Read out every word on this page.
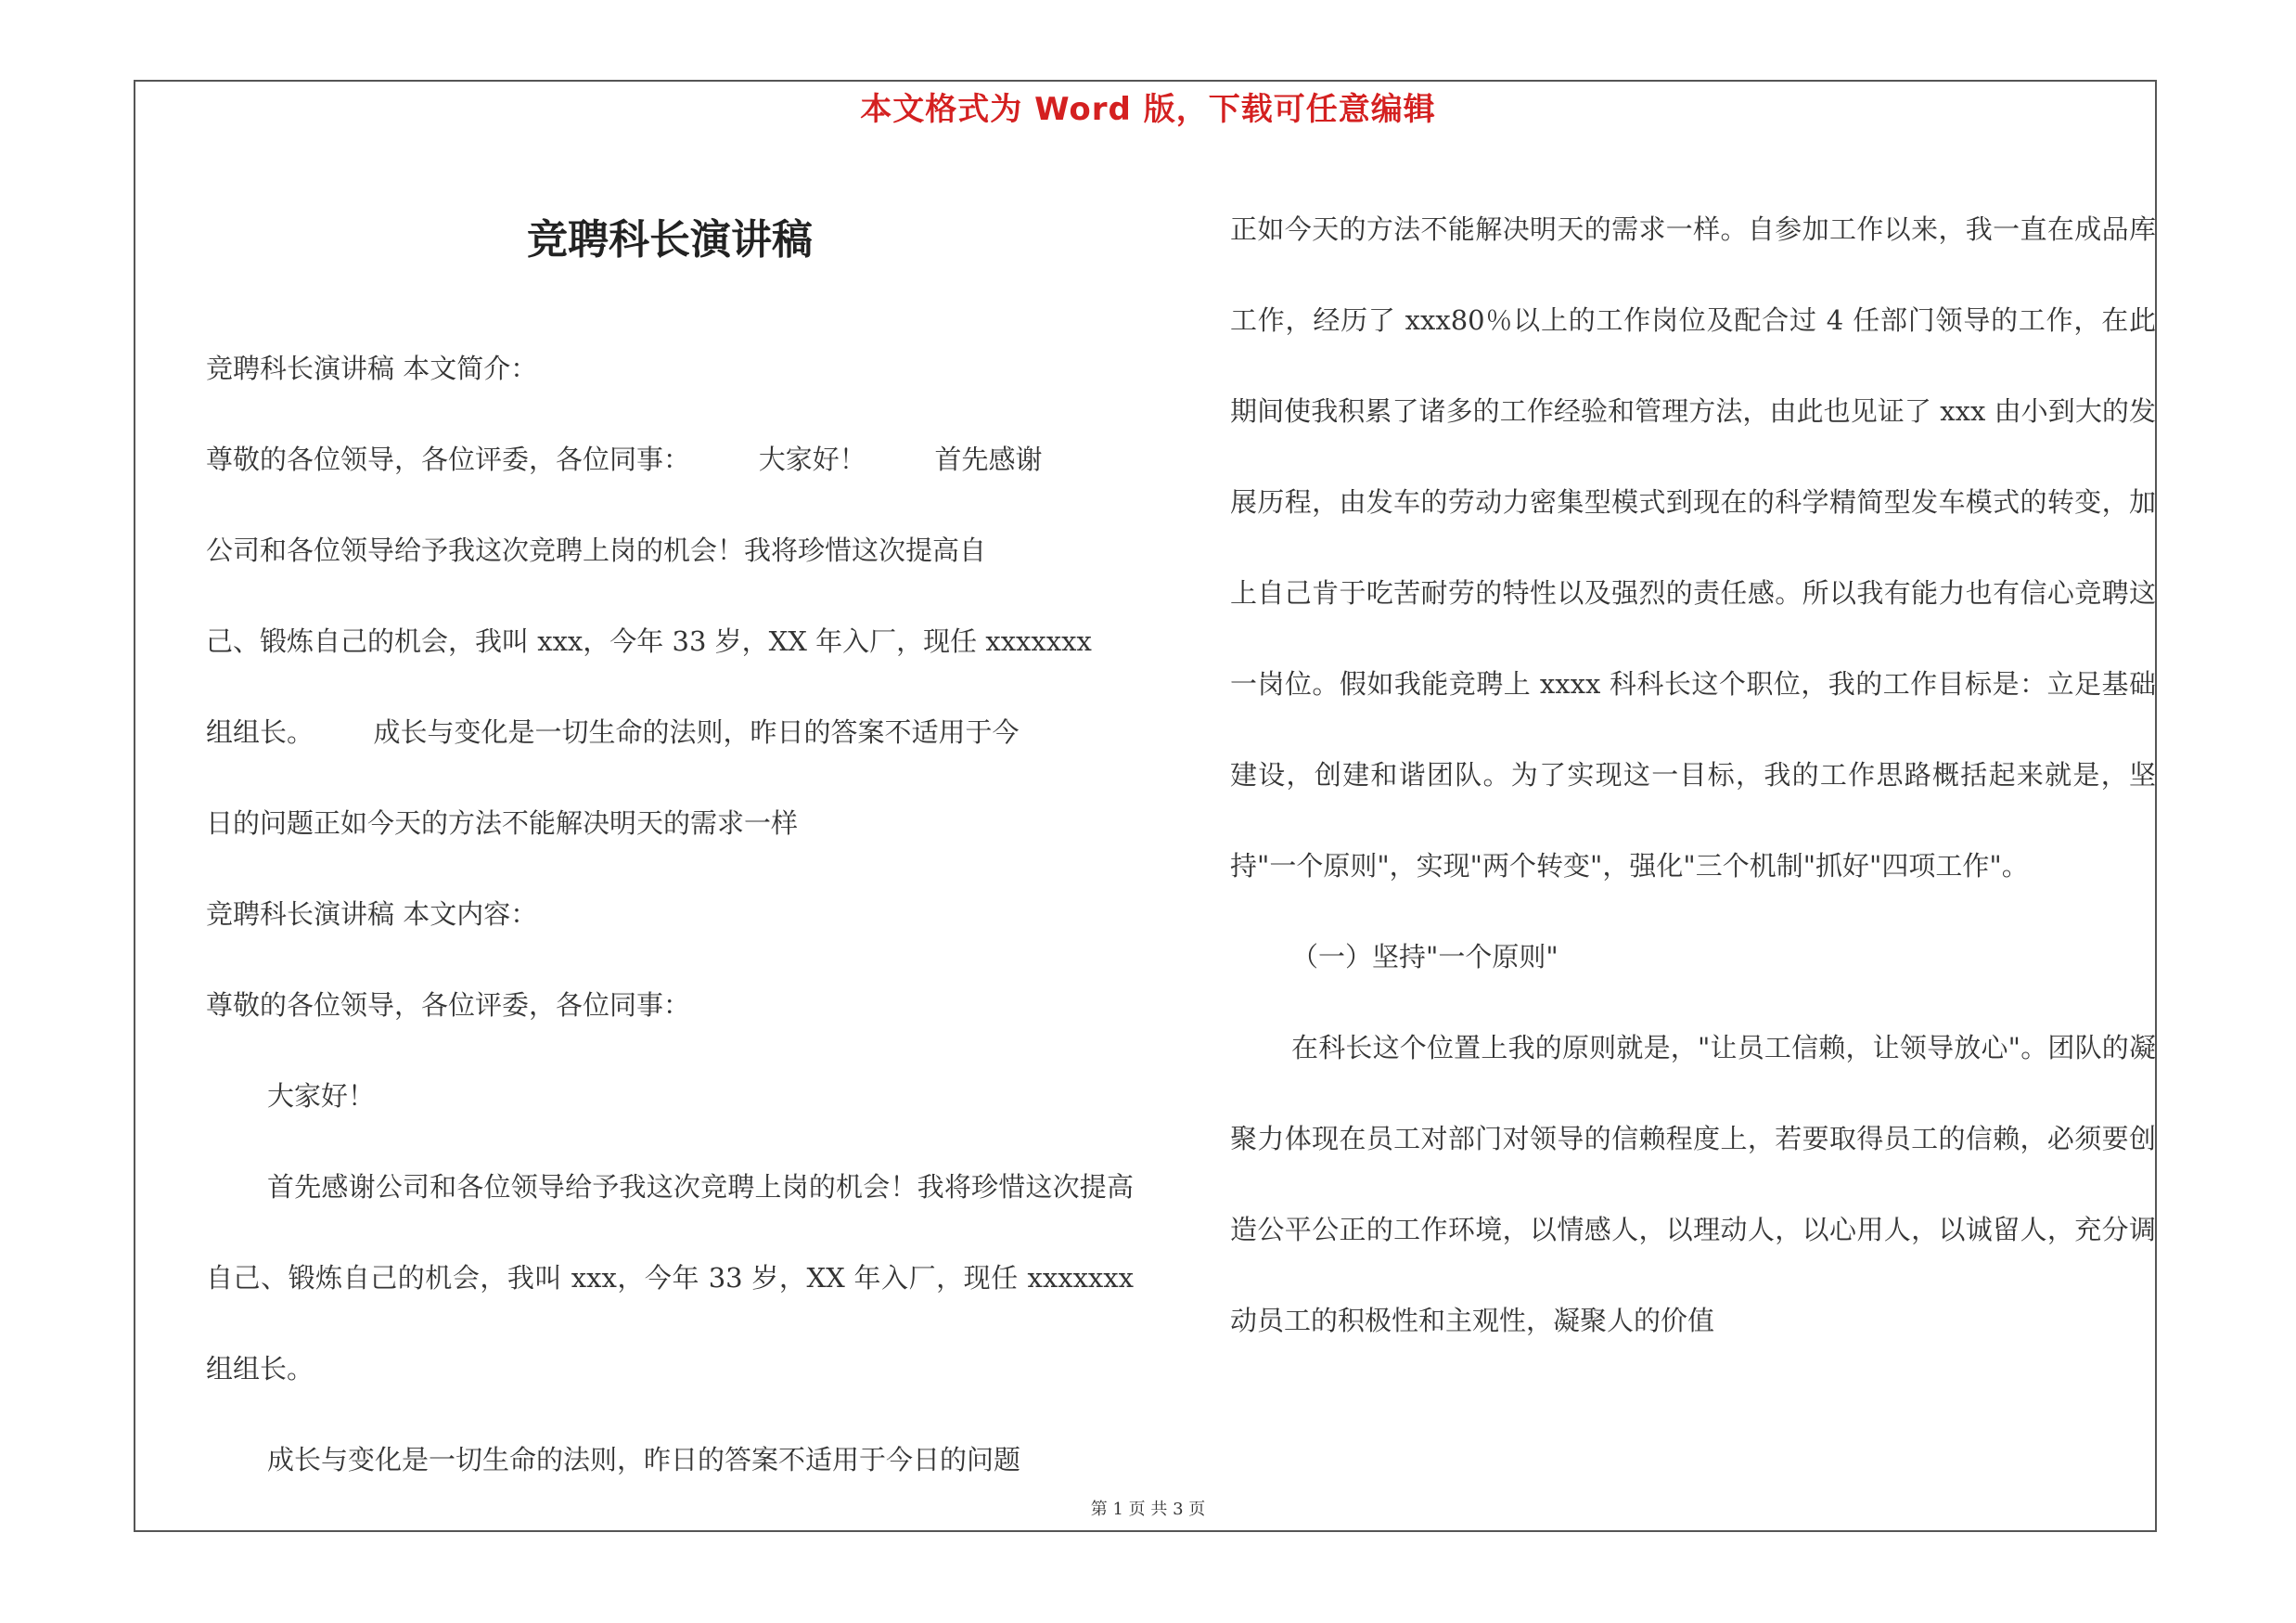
本文格式为 Word 版，下载可任意编辑
竞聘科长演讲稿

竞聘科长演讲稿 本文简介：

尊敬的各位领导，各位评委，各位同事：        大家好！        首先感谢
公司和各位领导给予我这次竞聘上岗的机会！我将珍惜这次提高自
己、锻炼自己的机会，我叫 xxx，今年 33 岁，XX 年入厂，现任 xxxxxxx
组组长。       成长与变化是一切生命的法则，昨日的答案不适用于今
日的问题正如今天的方法不能解决明天的需求一样

竞聘科长演讲稿 本文内容：

尊敬的各位领导，各位评委，各位同事：

大家好！

首先感谢公司和各位领导给予我这次竞聘上岗的机会！我将珍惜这次提高自己、锻炼自己的机会，我叫 xxx，今年 33 岁，XX 年入厂，现任 xxxxxxx 组组长。

成长与变化是一切生命的法则，昨日的答案不适用于今日的问题

正如今天的方法不能解决明天的需求一样。自参加工作以来，我一直在成品库工作，经历了 xxx80％以上的工作岗位及配合过 4 任部门领导的工作，在此期间使我积累了诸多的工作经验和管理方法，由此也见证了 xxx 由小到大的发展历程，由发车的劳动力密集型模式到现在的科学精简型发车模式的转变，加上自己肯于吃苦耐劳的特性以及强烈的责任感。所以我有能力也有信心竞聘这一岗位。假如我能竞聘上 xxxx 科科长这个职位，我的工作目标是：立足基础建设，创建和谐团队。为了实现这一目标，我的工作思路概括起来就是，坚持"一个原则"，实现"两个转变"，强化"三个机制"抓好"四项工作"。

（一）坚持"一个原则"

在科长这个位置上我的原则就是，"让员工信赖，让领导放心"。团队的凝聚力体现在员工对部门对领导的信赖程度上，若要取得员工的信赖，必须要创造公平公正的工作环境，以情感人，以理动人，以心用人，以诚留人，充分调动员工的积极性和主观性，凝聚人的价值

第 1 页 共 3 页
